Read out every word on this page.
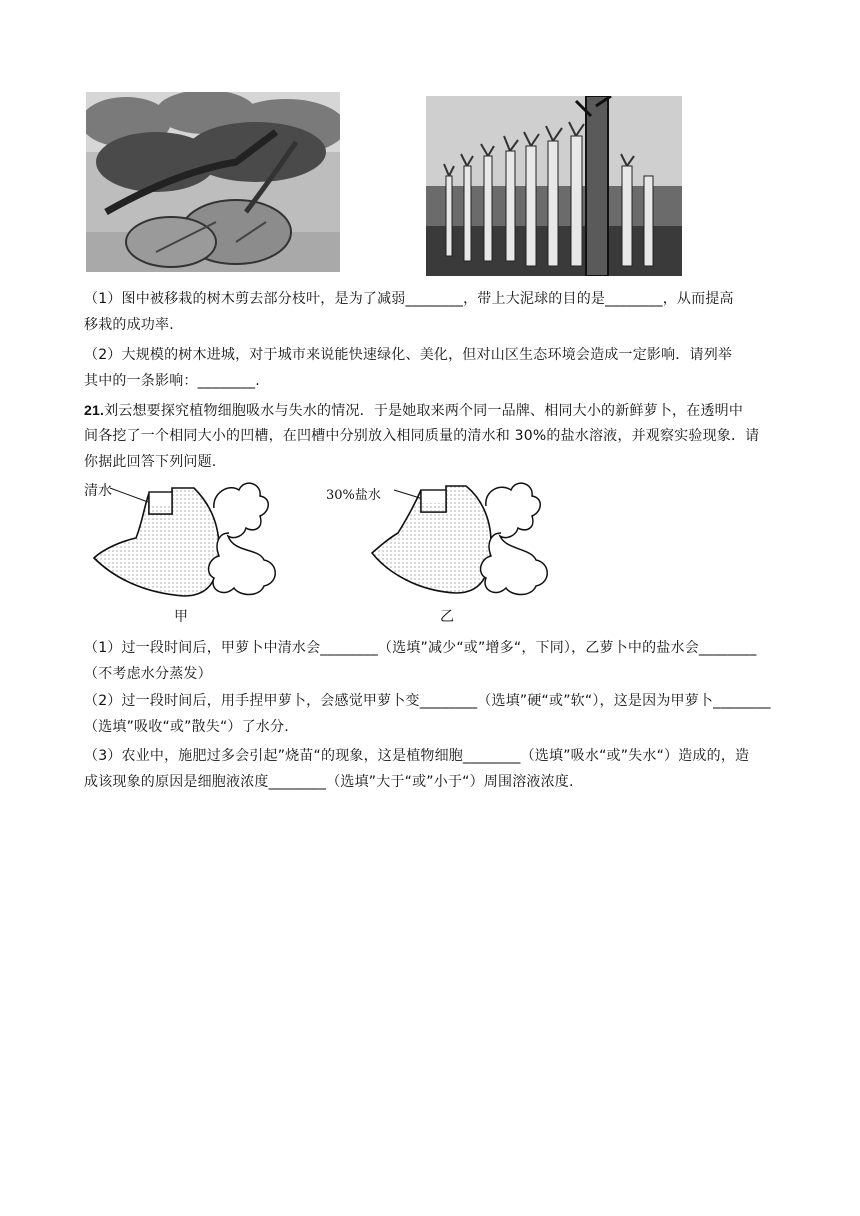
（1）图中被移栽的树木剪去部分枝叶，是为了减弱________，带上大泥球的目的是________，从而提高
移栽的成功率.
（2）大规模的树木进城，对于城市来说能快速绿化、美化，但对山区生态环境会造成一定影响．请列举
其中的一条影响：________.
21.刘云想要探究植物细胞吸水与失水的情况．于是她取来两个同一品牌、相同大小的新鲜萝卜，在透明中
间各挖了一个相同大小的凹槽，在凹槽中分别放入相同质量的清水和 30%的盐水溶液，并观察实验现象．请
你据此回答下列问题.
清水
甲
30%盐水
乙
（1）过一段时间后，甲萝卜中清水会________（选填”减少“或”增多“，下同），乙萝卜中的盐水会________
（不考虑水分蒸发）
（2）过一段时间后，用手捏甲萝卜，会感觉甲萝卜变________（选填”硬“或”软“），这是因为甲萝卜________
（选填”吸收“或”散失“）了水分.
（3）农业中，施肥过多会引起”烧苗“的现象，这是植物细胞________（选填”吸水“或”失水“）造成的，造
成该现象的原因是细胞液浓度________（选填”大于“或”小于“）周围溶液浓度.
